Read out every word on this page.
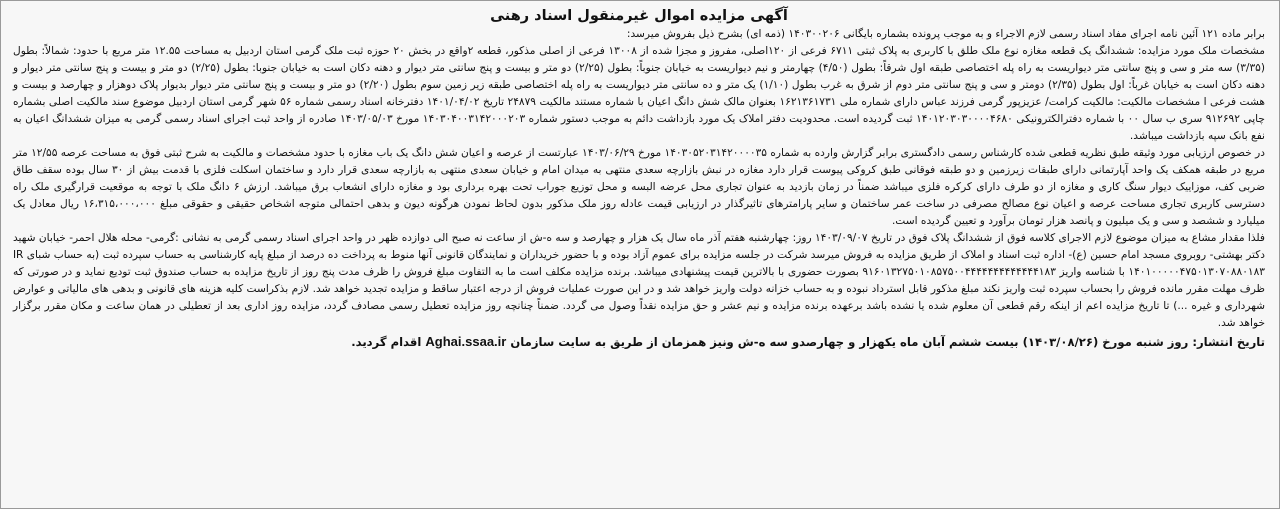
آگهی مزایده اموال غیرمنقول اسناد رهنی

برابر ماده ۱۲۱ آئین نامه اجرای مفاد اسناد رسمی لازم الاجراء و به موجب پرونده بشماره بایگانی ۱۴۰۳۰۰۲۰۶ (ذمه ای) بشرح ذیل بفروش میرسد:

مشخصات ملک مورد مزایده: ششدانگ یک قطعه مغازه نوع ملک طلق با کاربری به پلاک ثبتی ۶۷۱۱ فرعی از ۱۲۰اصلی، مفروز و مجزا شده از ۱۳۰۰۸ فرعی از اصلی مذکور، قطعه ۲واقع در بخش ۲۰ حوزه ثبت ملک گرمی استان اردبیل به مساحت ۱۲.۵۵ متر مربع با حدود: شمالاً: بطول (۳/۳۵) سه متر و سی و پنج سانتی متر دیواریست به راه پله اختصاصی طبقه اول شرقاً: بطول (۴/۵۰) چهارمتر و نیم دیواریست به خیابان جنوباً: بطول (۲/۲۵) دو متر و بیست و پنج سانتی متر دیوار و دهنه دکان است به خیابان جنوبا: بطول (۲/۲۵) دو متر و بیست و پنج سانتی متر دیوار و دهنه دکان است به خیابان غرباً: اول بطول (۲/۳۵) دومتر و سی و پنج سانتی متر دوم از شرق به غرب بطول (۱/۱۰) یک متر و ده سانتی متر دیواریست به راه پله اختصاصی طبقه زیر زمین سوم بطول (۲/۲۰) دو متر و بیست و پنج سانتی متر دیوار بدیوار پلاک دوهزار و چهارصد و بیست و هشت فرعی ا مشخصات مالکیت: مالکیت کرامت/ عزیزپور گرمی فرزند عباس دارای شماره ملی ۱۶۲۱۳۶۱۷۳۱ بعنوان مالک شش دانگ اعیان با شماره مستند مالکیت ۲۴۸۷۹ تاریخ ۱۴۰۱/۰۴/۰۲ دفترخانه اسناد رسمی شماره ۵۶ شهر گرمی استان اردبیل موضوع سند مالکیت اصلی بشماره چاپی ۹۱۲۶۹۲ سری ب سال ۰۰ با شماره دفترالکترونیکی ۱۴۰۱۲۰۳۰۳۰۰۰۰۴۶۸۰ ثبت گردیده است. محدودیت دفتر املاک یک مورد بازداشت دائم به موجب دستور شماره ۱۴۰۳۰۴۰۰۳۱۴۲۰۰۰۲۰۳ مورخ ۱۴۰۳/۰۵/۰۳ صادره از واحد ثبت اجرای اسناد رسمی گرمی به میزان ششدانگ اعیان به نفع بانک سپه بازداشت میباشد.

در خصوص ارزیابی مورد وثیقه طبق نظریه قطعی شده کارشناس رسمی دادگستری برابر گزارش وارده به شماره ۱۴۰۳۰۵۲۰۳۱۴۲۰۰۰۰۳۵ مورخ ۱۴۰۳/۰۶/۲۹ عبارتست از عرصه و اعیان شش دانگ یک باب مغازه با حدود مشخصات و مالکیت به شرح ثبتی فوق به مساحت عرصه ۱۲/۵۵ متر مربع در طبقه همکف یک واحد آپارتمانی دارای طبقات زیرزمین و دو طبقه فوقانی طبق کروکی پیوست قرار دارد مغازه در نبش بازارچه سعدی منتهی به میدان امام و خیابان سعدی منتهی به بازارچه سعدی قرار دارد و ساختمان اسکلت فلزی با قدمت بیش از ۳۰ سال بوده سقف طاق ضربی کف، موزاییک دیوار سنگ کاری و مغازه از دو طرف دارای کرکره فلزی میباشد ضمناً در زمان بازدید به عنوان تجاری محل عرضه البسه و محل توزیع جوراب تحت بهره برداری بود و مغازه دارای انشعاب برق میباشد. ارزش ۶ دانگ ملک با توجه به موقعیت قرارگیری ملک راه دسترسی کاربری تجاری مساحت عرصه و اعیان نوع مصالح مصرفی در ساخت عمر ساختمان و سایر پارامترهای تاثیرگذار در ارزیابی قیمت عادله روز ملک مذکور بدون لحاظ نمودن هرگونه دیون و بدهی احتمالی متوجه اشخاص حقیقی و حقوقی مبلغ ۱۶،۳۱۵،۰۰۰،۰۰۰ ریال معادل یک میلیارد و ششصد و سی و یک میلیون و پانصد هزار تومان برآورد و تعیین گردیده است.

فلذا مقدار مشاع به میزان موضوع لازم الاجرای کلاسه فوق از ششدانگ پلاک فوق در تاریخ ۱۴۰۳/۰۹/۰۷ روز: چهارشنبه هفتم آذر ماه سال یک هزار و چهارصد و سه ه-ش از ساعت نه صبح الی دوازده ظهر در واحد اجرای اسناد رسمی گرمی به نشانی :گرمی- محله هلال احمر- خیابان شهید دکتر بهشتی- روبروی مسجد امام حسین (ع)- اداره ثبت اسناد و املاک از طریق مزایده به فروش میرسد شرکت در جلسه مزایده برای عموم آزاد بوده و با حضور خریداران و نمایندگان قانونی آنها منوط به پرداخت ده درصد از مبلغ پایه کارشناسی به حساب سپرده ثبت (به حساب شبای IR ۱۴۰۱۰۰۰۰۰۴۷۵۰۱۳۰۷۰۸۸۰۱۸۳ با شناسه واریز ۹۱۶۰۱۳۲۷۵۰۱۰۸۵۷۵۰۰۴۴۴۴۴۴۴۴۴۴۴۴۴۱۸۳ بصورت حضوری با بالاترین قیمت پیشنهادی میباشد. برنده مزایده مکلف است ما به التفاوت مبلغ فروش را ظرف مدت پنج روز از تاریخ مزایده به حساب صندوق ثبت تودیع نماید و در صورتی که ظرف مهلت مقرر مانده فروش را بحساب سپرده ثبت واریز نکند مبلغ مذکور قابل استرداد نبوده و به حساب خزانه دولت واریز خواهد شد و در این صورت عملیات فروش از درجه اعتبار ساقط و مزایده تجدید خواهد شد. لازم بذکراست کلیه هزینه های قانونی و بدهی های مالیاتی و عوارض شهرداری و غیره ...) تا تاریخ مزایده اعم از اینکه رقم قطعی آن معلوم شده یا نشده باشد برعهده برنده مزایده و نیم عشر و حق مزایده نقداً وصول می گردد. ضمناً چنانچه روز مزایده تعطیل رسمی مصادف گردد، مزایده روز اداری بعد از تعطیلی در همان ساعت و مکان مقرر برگزار خواهد شد.

تاریخ انتشار: روز شنبه مورخ (۱۴۰۳/۰۸/۲۶) بیست ششم آبان ماه یکهزار و چهارصدو سه ه-ش ونیز همزمان از طریق به سایت سازمان Aghai.ssaa.ir اقدام گردید.
